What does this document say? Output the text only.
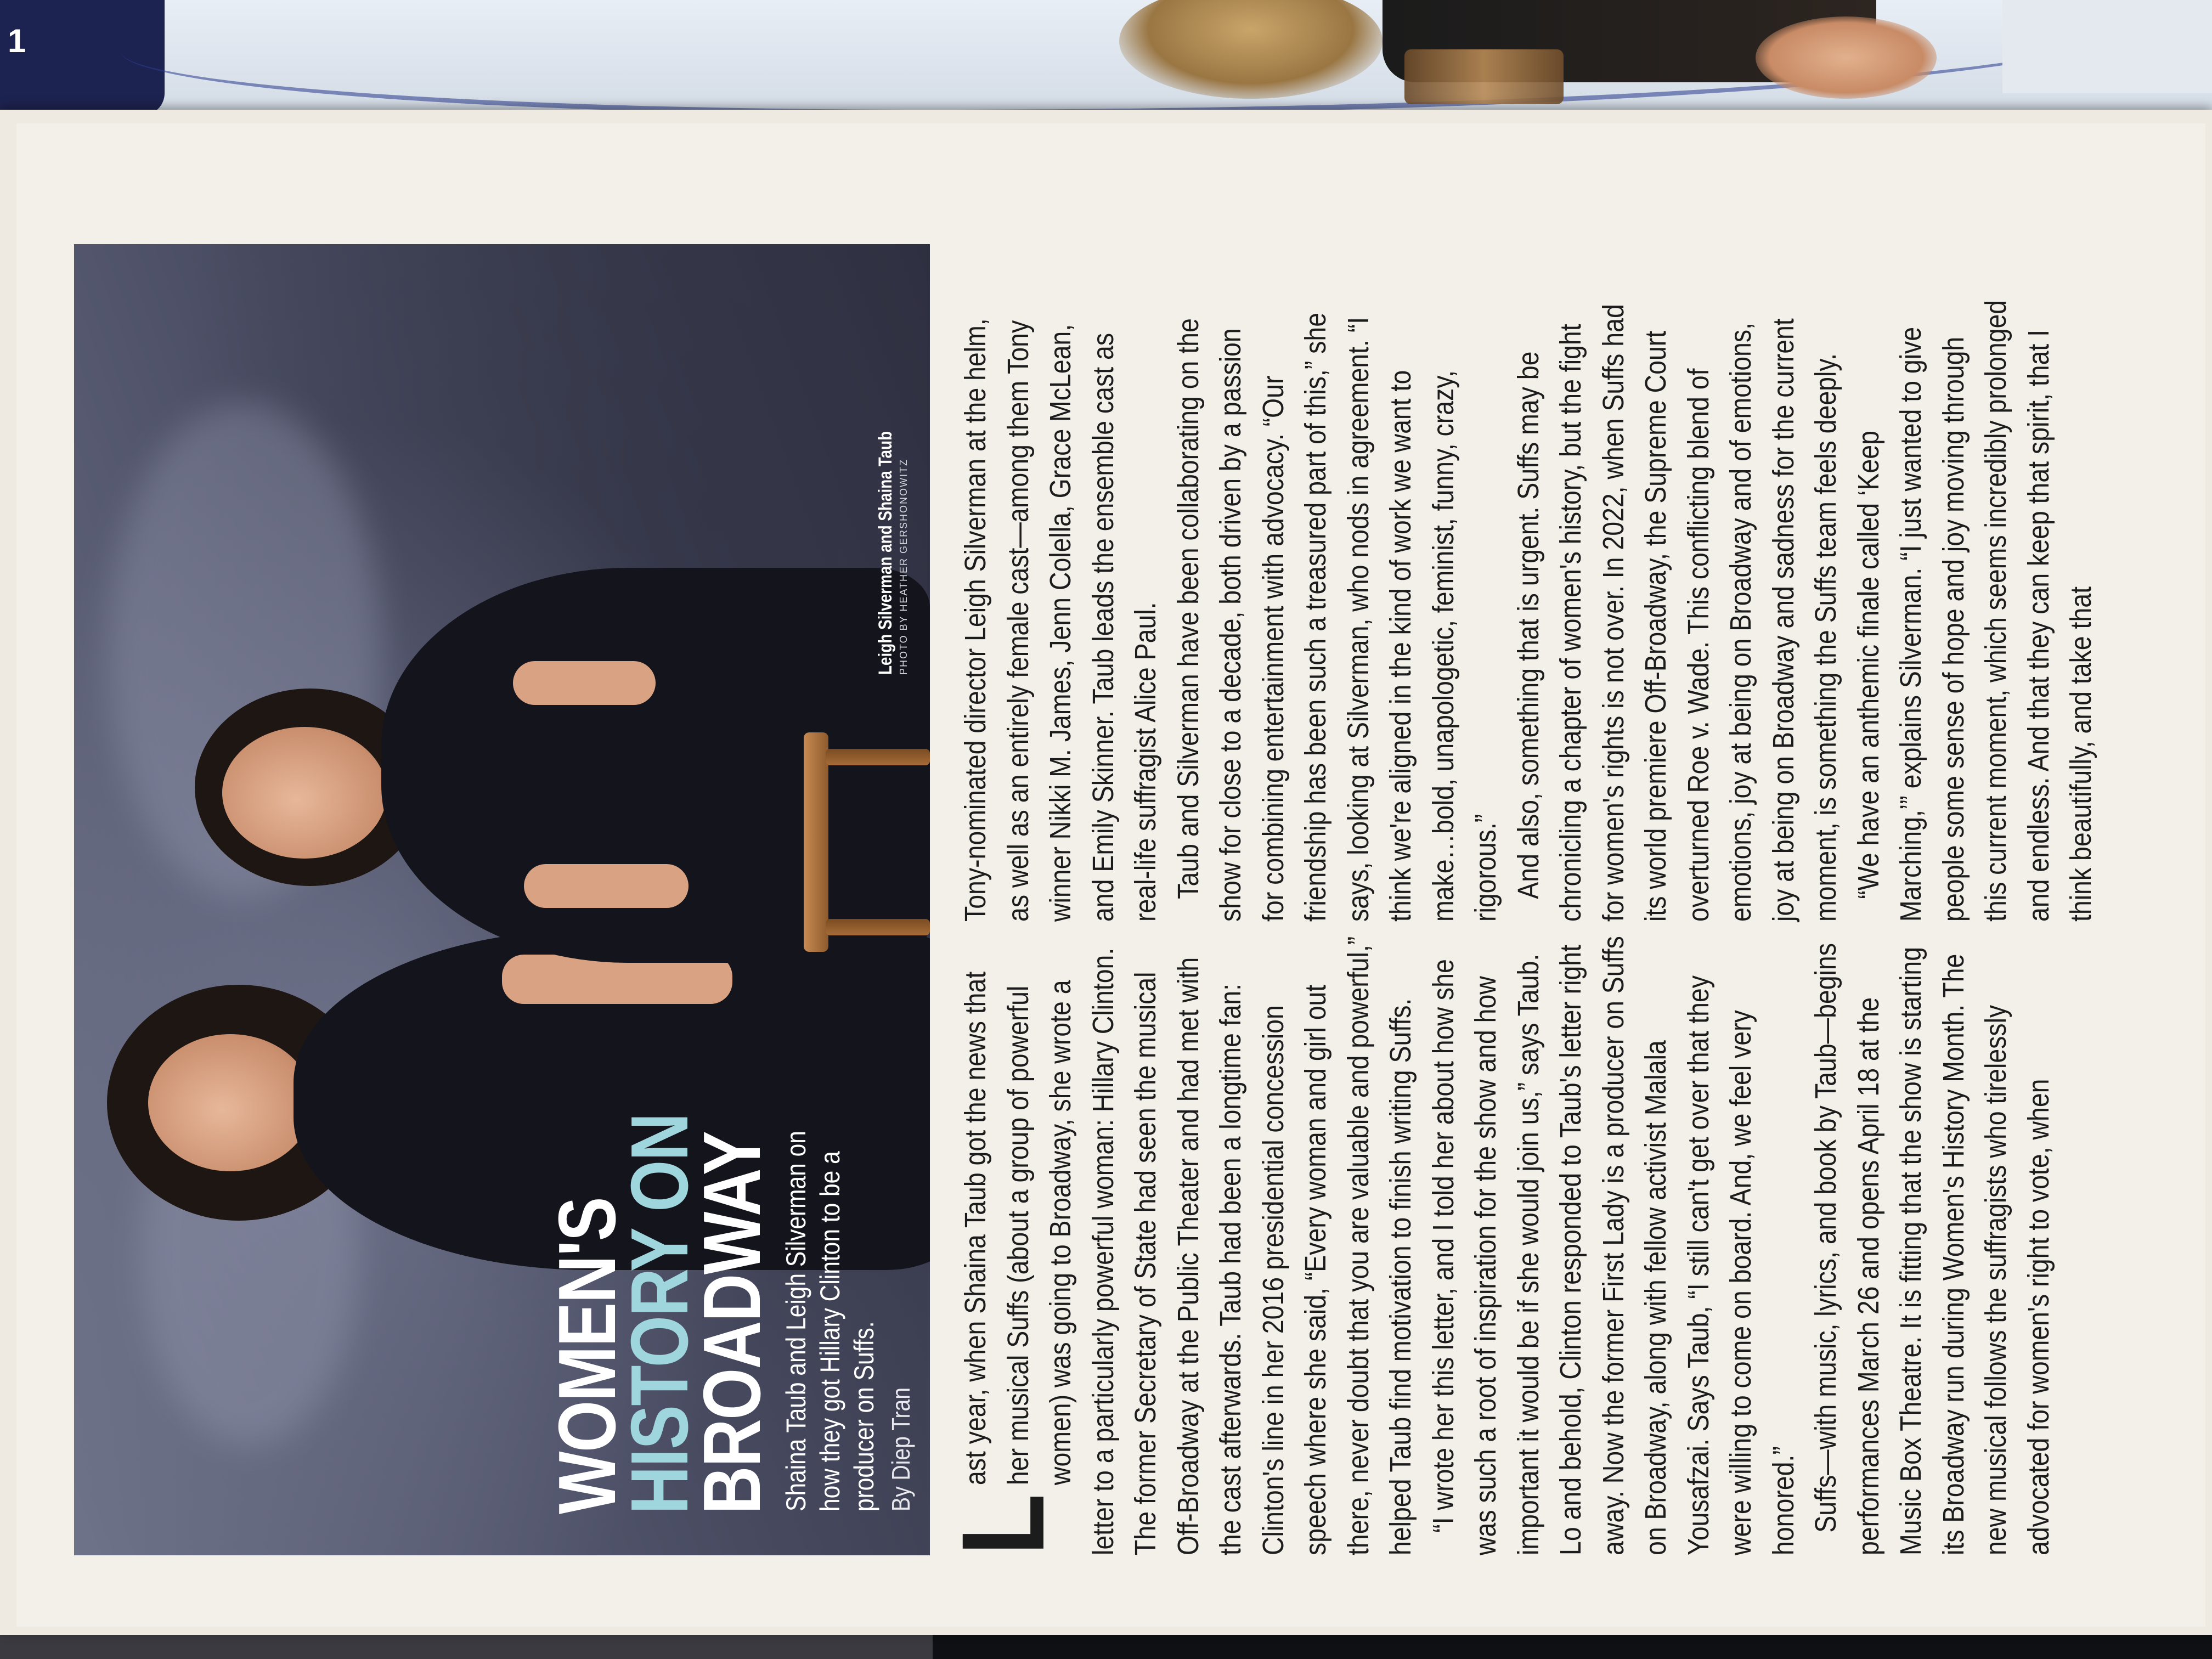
1
WOMEN'S
HISTORY ON
BROADWAY Shaina Taub and Leigh Silverman on how they got Hillary Clinton to be a producer on Suffs. By Diep Tran
Leigh Silverman and Shaina Taub PHOTO BY HEATHER GERSHONOWITZ

L
ast year, when Shaina Taub got the news that her musical Suffs (about a group of powerful women) was going to Broadway, she wrote a letter to a particularly powerful woman: Hillary Clinton. The former Secretary of State had seen the musical Off-Broadway at the Public Theater and had met with the cast afterwards. Taub had been a longtime fan: Clinton's line in her 2016 presidential concession speech where she said, “Every woman and girl out there, never doubt that you are valuable and powerful,” helped Taub find motivation to finish writing Suffs. “I wrote her this letter, and I told her about how she was such a root of inspiration for the show and how important it would be if she would join us,” says Taub. Lo and behold, Clinton responded to Taub's letter right away. Now the former First Lady is a producer on Suffs on Broadway, along with fellow activist Malala Yousafzai. Says Taub, “I still can't get over that they were willing to come on board. And, we feel very honored.” Suffs—with music, lyrics, and book by Taub—begins performances March 26 and opens April 18 at the Music Box Theatre. It is fitting that the show is starting its Broadway run during Women's History Month. The new musical follows the suffragists who tirelessly advocated for women's right to vote, when

Tony-nominated director Leigh Silverman at the helm, as well as an entirely female cast—among them Tony winner Nikki M. James, Jenn Colella, Grace McLean, and Emily Skinner. Taub leads the ensemble cast as real-life suffragist Alice Paul. Taub and Silverman have been collaborating on the show for close to a decade, both driven by a passion for combining entertainment with advocacy. “Our friendship has been such a treasured part of this,” she says, looking at Silverman, who nods in agreement. “I think we're aligned in the kind of work we want to make…bold, unapologetic, feminist, funny, crazy, rigorous.” And also, something that is urgent. Suffs may be chronicling a chapter of women's history, but the fight for women's rights is not over. In 2022, when Suffs had its world premiere Off-Broadway, the Supreme Court overturned Roe v. Wade. This conflicting blend of emotions, joy at being on Broadway and of emotions, joy at being on Broadway and sadness for the current moment, is something the Suffs team feels deeply. “We have an anthemic finale called ‘Keep Marching,’” explains Silverman. “I just wanted to give people some sense of hope and joy moving through this current moment, which seems incredibly prolonged and endless. And that they can keep that spirit, that I think beautifully, and take that
